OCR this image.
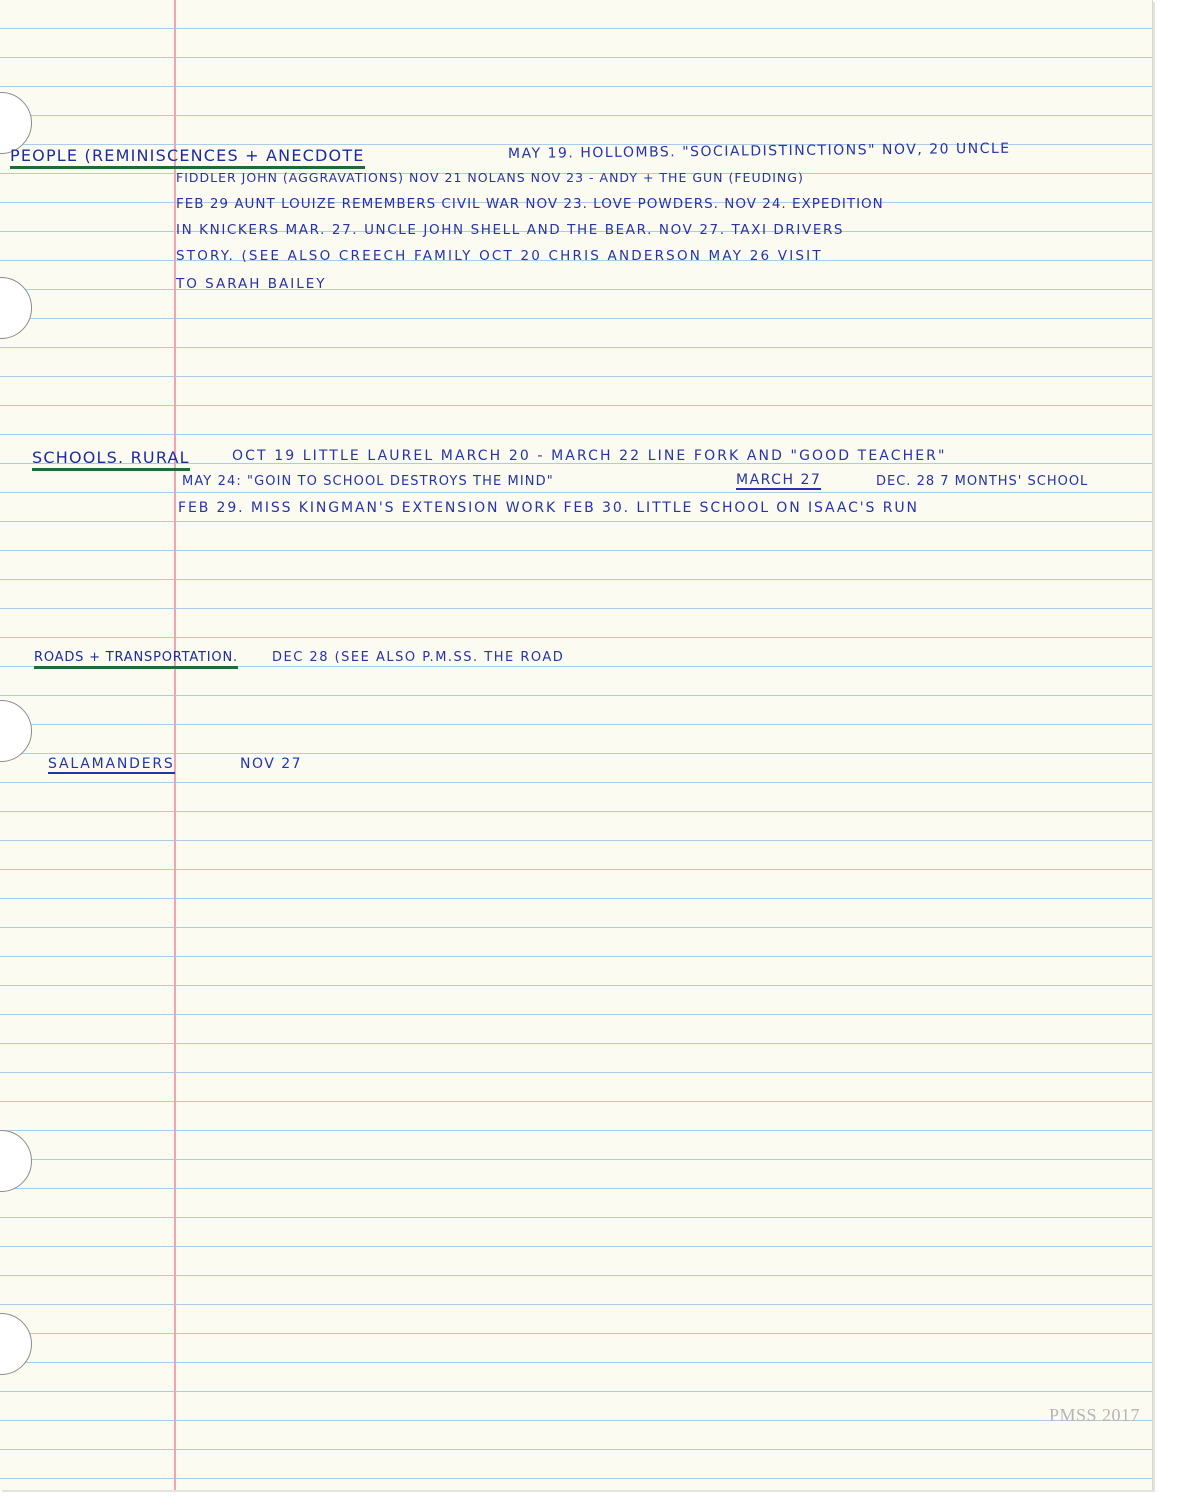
PEOPLE (REMINISCENCES + ANECDOTE	MAY 19. HOLLOMBS. "SOCIALDISTINCTIONS" NOV, 20 UNCLE
FIDDLER JOHN (AGGRAVATIONS) NOV 21 NOLANS NOV 23 - ANDY + THE GUN (FEUDING)
FEB 29 AUNT LOUIZE REMEMBERS CIVIL WAR NOV 23. LOVE POWDERS. NOV 24. EXPEDITION
IN KNICKERS MAR. 27. UNCLE JOHN SHELL AND THE BEAR. NOV 27. TAXI DRIVERS
STORY. (SEE ALSO CREECH FAMILY OCT 20 CHRIS ANDERSON MAY 26 VISIT
TO SARAH BAILEY
SCHOOLS. RURAL	OCT 19 LITTLE LAUREL MARCH 20 - MARCH 22 LINE FORK AND "GOOD TEACHER"
MAY 24: "GOIN TO SCHOOL DESTROYS THE MIND"	MARCH 27	DEC. 28 7 MONTHS' SCHOOL
FEB 29. MISS KINGMAN'S EXTENSION WORK FEB 30. LITTLE SCHOOL ON ISAAC'S RUN
ROADS + TRANSPORTATION.	DEC 28 (SEE ALSO P.M.SS. THE ROAD
SALAMANDERS	NOV 27
PMSS 2017
